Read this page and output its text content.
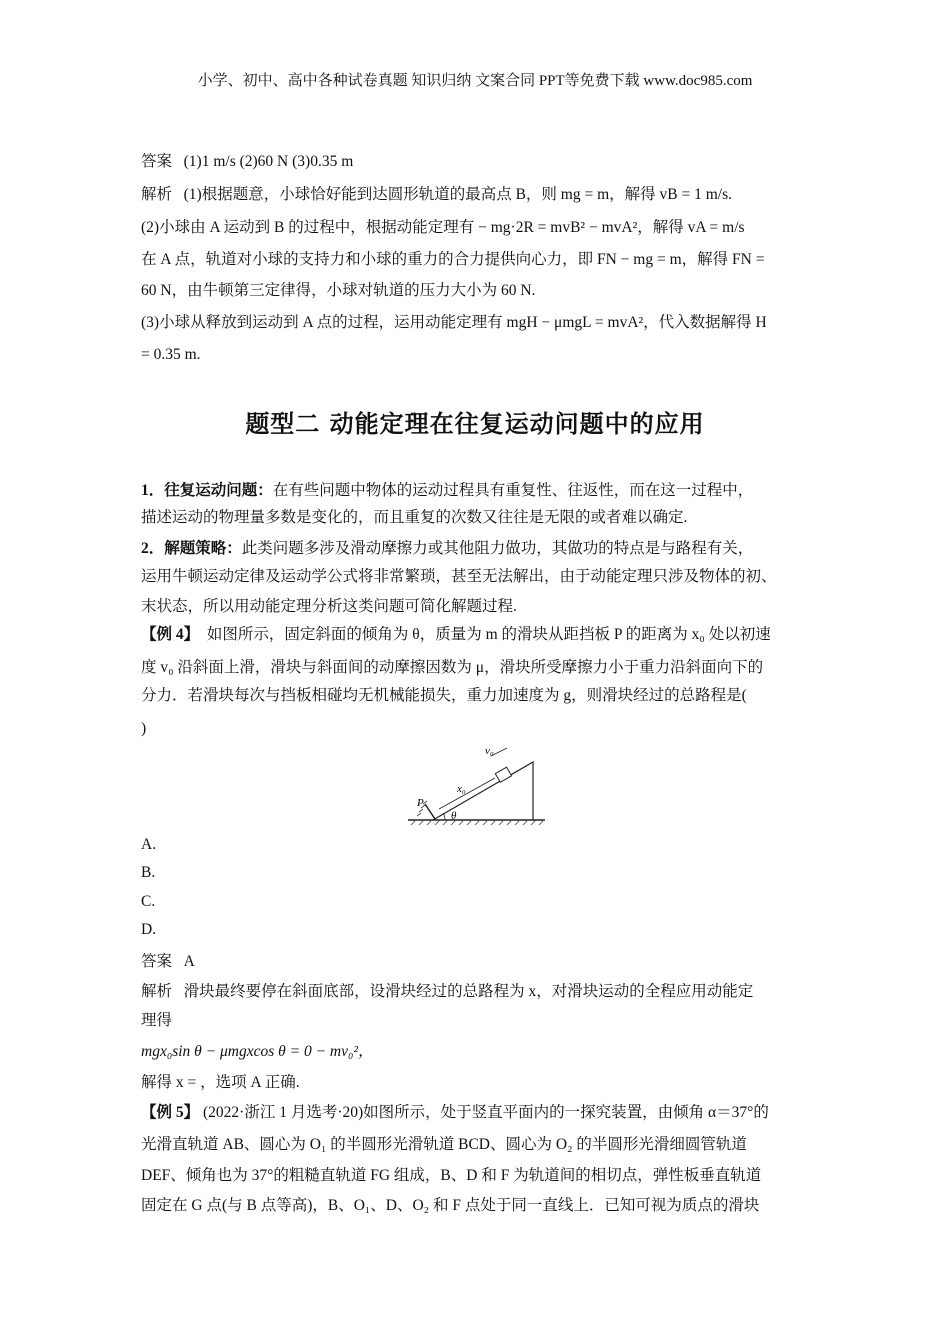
小学、初中、高中各种试卷真题 知识归纳 文案合同 PPT等免费下载 www.doc985.com
答案 (1)1 m/s (2)60 N (3)0.35 m
解析 (1)根据题意，小球恰好能到达圆形轨道的最高点 B，则 mg = m，解得 vB = 1 m/s.
(2)小球由 A 运动到 B 的过程中，根据动能定理有 − mg·2R = mvB² − mvA²，解得 vA = m/s
在 A 点，轨道对小球的支持力和小球的重力的合力提供向心力，即 FN − mg = m，解得 FN =
60 N，由牛顿第三定律得，小球对轨道的压力大小为 60 N.
(3)小球从释放到运动到 A 点的过程，运用动能定理有 mgH − μmgL = mvA²，代入数据解得 H
= 0.35 m.
题型二 动能定理在往复运动问题中的应用
1．往复运动问题：在有些问题中物体的运动过程具有重复性、往返性，而在这一过程中，
描述运动的物理量多数是变化的，而且重复的次数又往往是无限的或者难以确定.
2．解题策略：此类问题多涉及滑动摩擦力或其他阻力做功，其做功的特点是与路程有关，
运用牛顿运动定律及运动学公式将非常繁琐，甚至无法解出，由于动能定理只涉及物体的初、
末状态，所以用动能定理分析这类问题可简化解题过程.
【例 4】 如图所示，固定斜面的倾角为 θ，质量为 m 的滑块从距挡板 P 的距离为 x₀ 处以初速
度 v₀ 沿斜面上滑，滑块与斜面间的动摩擦因数为 μ，滑块所受摩擦力小于重力沿斜面向下的
分力．若滑块每次与挡板相碰均无机械能损失，重力加速度为 g，则滑块经过的总路程是(
)
v₀
x₀
P
θ
A.
B.
C.
D.
答案 A
解析 滑块最终要停在斜面底部，设滑块经过的总路程为 x，对滑块运动的全程应用动能定
理得
mgx₀sin θ − μmgxcos θ = 0 − mv₀²，
解得 x = ，选项 A 正确.
【例 5】 (2022·浙江 1 月选考·20)如图所示，处于竖直平面内的一探究装置，由倾角 α＝37°的
光滑直轨道 AB、圆心为 O₁ 的半圆形光滑轨道 BCD、圆心为 O₂ 的半圆形光滑细圆管轨道
DEF、倾角也为 37°的粗糙直轨道 FG 组成，B、D 和 F 为轨道间的相切点，弹性板垂直轨道
固定在 G 点(与 B 点等高)，B、O₁、D、O₂ 和 F 点处于同一直线上．已知可视为质点的滑块
